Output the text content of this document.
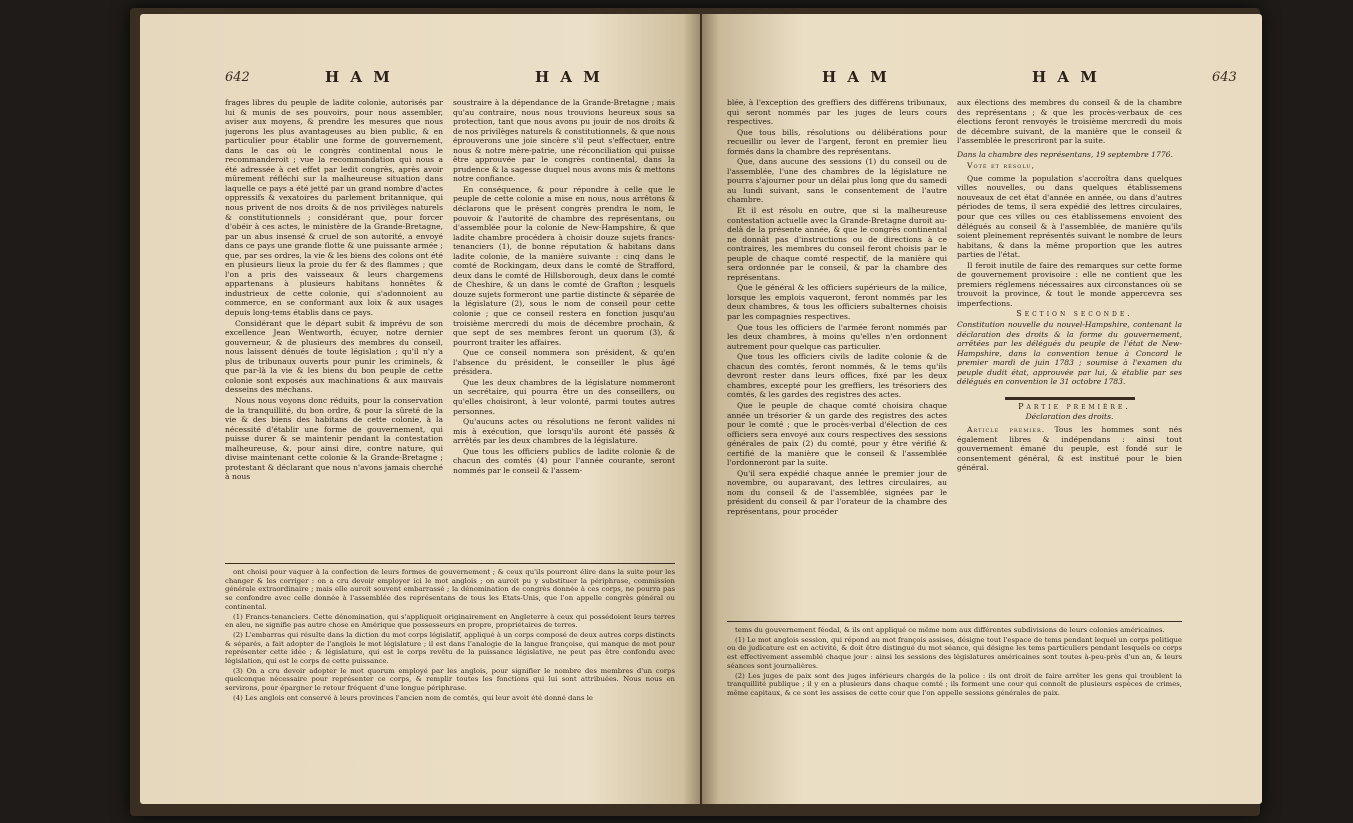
642	H A M	H A M

frages libres du peuple de ladite colonie, autorisés par lui & munis de ses pouvoirs, pour nous assembler, aviser aux moyens, & prendre les mesures que nous jugerons les plus avantageuses au bien public, & en particulier pour établir une forme de gouvernement, dans le cas où le congrès continental nous le recommanderoit ; vue la recommandation qui nous a été adressée à cet effet par ledit congrès, après avoir mûrement réfléchi sur la malheureuse situation dans laquelle ce pays a été jetté par un grand nombre d'actes oppressifs & vexatoires du parlement britannique, qui nous privent de nos droits & de nos privilèges naturels & constitutionnels ; considérant que, pour forcer d'obéir à ces actes, le ministère de la Grande-Bretagne, par un abus insensé & cruel de son autorité, a envoyé dans ce pays une grande flotte & une puissante armée ; que, par ses ordres, la vie & les biens des colons ont été en plusieurs lieux la proie du fer & des flammes ; que l'on a pris des vaisseaux & leurs chargemens appartenans à plusieurs habitans honnêtes & industrieux de cette colonie, qui s'adonnoient au commerce, en se conformant aux loix & aux usages depuis long-tems établis dans ce pays.

Considérant que le départ subit & imprévu de son excellence Jean Wentworth, écuyer, notre dernier gouverneur, & de plusieurs des membres du conseil, nous laissent dénués de toute législation ; qu'il n'y a plus de tribunaux ouverts pour punir les criminels, & que par-là la vie & les biens du bon peuple de cette colonie sont exposés aux machinations & aux mauvais desseins des méchans.

Nous nous voyons donc réduits, pour la conservation de la tranquillité, du bon ordre, & pour la sûreté de la vie & des biens des habitans de cette colonie, à la nécessité d'établir une forme de gouvernement, qui puisse durer & se maintenir pendant la contestation malheureuse, &, pour ainsi dire, contre nature, qui divise maintenant cette colonie & la Grande-Bretagne ; protestant & déclarant que nous n'avons jamais cherché à nous

soustraire à la dépendance de la Grande-Bretagne ; mais qu'au contraire, nous nous trouvions heureux sous sa protection, tant que nous avons pu jouir de nos droits & de nos privilèges naturels & constitutionnels, & que nous éprouverons une joie sincère s'il peut s'effectuer, entre nous & notre mère-patrie, une réconciliation qui puisse être approuvée par le congrès continental, dans la prudence & la sagesse duquel nous avons mis & mettons notre confiance.

En conséquence, & pour répondre à celle que le peuple de cette colonie a mise en nous, nous arrêtons & déclarons que le présent congrès prendra le nom, le pouvoir & l'autorité de chambre des représentans, ou d'assemblée pour la colonie de New-Hampshire, & que ladite chambre procédera à choisir douze sujets francs-tenanciers (1), de bonne réputation & habitans dans ladite colonie, de la manière suivante : cinq dans le comté de Rockingam, deux dans le comté de Strafford, deux dans le comté de Hillsborough, deux dans le comté de Cheshire, & un dans le comté de Grafton ; lesquels douze sujets formeront une partie distincte & séparée de la législature (2), sous le nom de conseil pour cette colonie ; que ce conseil restera en fonction jusqu'au troisième mercredi du mois de décembre prochain, & que sept de ses membres feront un quorum (3), & pourront traiter les affaires.

Que ce conseil nommera son président, & qu'en l'absence du président, le conseiller le plus âgé présidera.

Que les deux chambres de la législature nommeront un secrétaire, qui pourra être un des conseillers, ou qu'elles choisiront, à leur volonté, parmi toutes autres personnes.

Qu'aucuns actes ou résolutions ne feront valides ni mis à exécution, que lorsqu'ils auront été passés & arrêtés par les deux chambres de la législature.

Que tous les officiers publics de ladite colonie & de chacun des comtés (4) pour l'année courante, seront nommés par le conseil & l'assem-

ont choisi pour vaquer à la confection de leurs formes de gouvernement ; & ceux qu'ils pourront élire dans la suite pour les changer & les corriger : on a cru devoir employer ici le mot anglois ; on auroit pu y substituer la périphrase, commission générale extraordinaire ; mais elle auroit souvent embarrassé ; la dénomination de congrès donnée à ces corps, ne pourra pas se confondre avec celle donnée à l'assemblée des représentans de tous les Etats-Unis, que l'on appelle congrès général ou continental.

(1) Francs-tenanciers. Cette dénomination, qui s'appliquoit originairement en Angleterre à ceux qui possédoient leurs terres en aleu, ne signifie pas autre chose en Amérique que possesseurs en propre, propriétaires de terres.

(2) L'embarras qui résulte dans la diction du mot corps législatif, appliqué à un corps composé de deux autres corps distincts & séparés, a fait adopter de l'anglois le mot législature ; il est dans l'analogie de la langue françoise, qui manque de mot pour représenter cette idée ; & législature, qui est le corps revêtu de la puissance législative, ne peut pas être confondu avec législation, qui est le corps de cette puissance.

(3) On a cru devoir adopter le mot quorum employé par les anglois, pour signifier le nombre des membres d'un corps quelconque nécessaire pour représenter ce corps, & remplir toutes les fonctions qui lui sont attribuées. Nous nous en servirons, pour épargner le retour fréquent d'une longue périphrase.

(4) Les anglois ont conservé à leurs provinces l'ancien nom de comtés, qui leur avoit été donné dans le

H A M	H A M	643

blée, à l'exception des greffiers des différens tribunaux, qui seront nommés par les juges de leurs cours respectives.

Que tous bills, résolutions ou délibérations pour recueillir ou lever de l'argent, feront en premier lieu formés dans la chambre des représentans.

Que, dans aucune des sessions (1) du conseil ou de l'assemblée, l'une des chambres de la législature ne pourra s'ajourner pour un délai plus long que du samedi au lundi suivant, sans le consentement de l'autre chambre.

Et il est résolu en outre, que si la malheureuse contestation actuelle avec la Grande-Bretagne duroit au-delà de la présente année, & que le congrès continental ne donnât pas d'instructions ou de directions à ce contraires, les membres du conseil feront choisis par le peuple de chaque comté respectif, de la manière qui sera ordonnée par le conseil, & par la chambre des représentans.

Que le général & les officiers supérieurs de la milice, lorsque les emplois vaqueront, feront nommés par les deux chambres, & tous les officiers subalternes choisis par les compagnies respectives.

Que tous les officiers de l'armée feront nommés par les deux chambres, à moins qu'elles n'en ordonnent autrement pour quelque cas particulier.

Que tous les officiers civils de ladite colonie & de chacun des comtés, feront nommés, & le tems qu'ils devront rester dans leurs offices, fixé par les deux chambres, excepté pour les greffiers, les trésoriers des comtés, & les gardes des registres des actes.

Que le peuple de chaque comté choisira chaque année un trésorier & un garde des registres des actes pour le comté ; que le procès-verbal d'élection de ces officiers sera envoyé aux cours respectives des sessions générales de paix (2) du comté, pour y être vérifié & certifié de la manière que le conseil & l'assemblée l'ordonneront par la suite.

Qu'il sera expédié chaque année le premier jour de novembre, ou auparavant, des lettres circulaires, au nom du conseil & de l'assemblée, signées par le président du conseil & par l'orateur de la chambre des représentans, pour procéder

aux élections des membres du conseil & de la chambre des représentans ; & que les procès-verbaux de ces élections feront renvoyés le troisième mercredi du mois de décembre suivant, de la manière que le conseil & l'assemblée le prescriront par la suite.

Dans la chambre des représentans, 19 septembre 1776.

Voté et résolu,

Que comme la population s'accroîtra dans quelques villes nouvelles, ou dans quelques établissemens nouveaux de cet état d'année en année, ou dans d'autres périodes de tems, il sera expédié des lettres circulaires, pour que ces villes ou ces établissemens envoient des délégués au conseil & à l'assemblée, de manière qu'ils soient pleinement représentés suivant le nombre de leurs habitans, & dans la même proportion que les autres parties de l'état.

Il feroit inutile de faire des remarques sur cette forme de gouvernement provisoire : elle ne contient que les premiers réglemens nécessaires aux circonstances où se trouvoit la province, & tout le monde appercevra ses imperfections.

Section seconde.

Constitution nouvelle du nouvel-Hampshire, contenant la déclaration des droits & la forme du gouvernement, arrêtées par les délégués du peuple de l'état de New-Hampshire, dans la convention tenue à Concord le premier mardi de juin 1783 ; soumise à l'examen du peuple dudit état, approuvée par lui, & établie par ses délégués en convention le 31 octobre 1783.

Partie première.

Déclaration des droits.

Article premier. Tous les hommes sont nés également libres & indépendans : ainsi tout gouvernement émané du peuple, est fondé sur le consentement général, & est institué pour le bien général.

tems du gouvernement féodal, & ils ont appliqué ce même nom aux différentes subdivisions de leurs colonies américaines.

(1) Le mot anglois session, qui répond au mot françois assises, désigne tout l'espace de tems pendant lequel un corps politique ou de judicature est en activité, & doit être distingué du mot séance, qui désigne les tems particuliers pendant lesquels ce corps est effectivement assemblé chaque jour : ainsi les sessions des législatures américaines sont toutes à-peu-près d'un an, & leurs séances sont journalières.

(2) Les juges de paix sont des juges inférieurs chargés de la police : ils ont droit de faire arrêter les gens qui troublent la tranquillité publique ; il y en a plusieurs dans chaque comté ; ils forment une cour qui connoît de plusieurs espèces de crimes, même capitaux, & ce sont les assises de cette cour que l'on appelle sessions générales de paix.
